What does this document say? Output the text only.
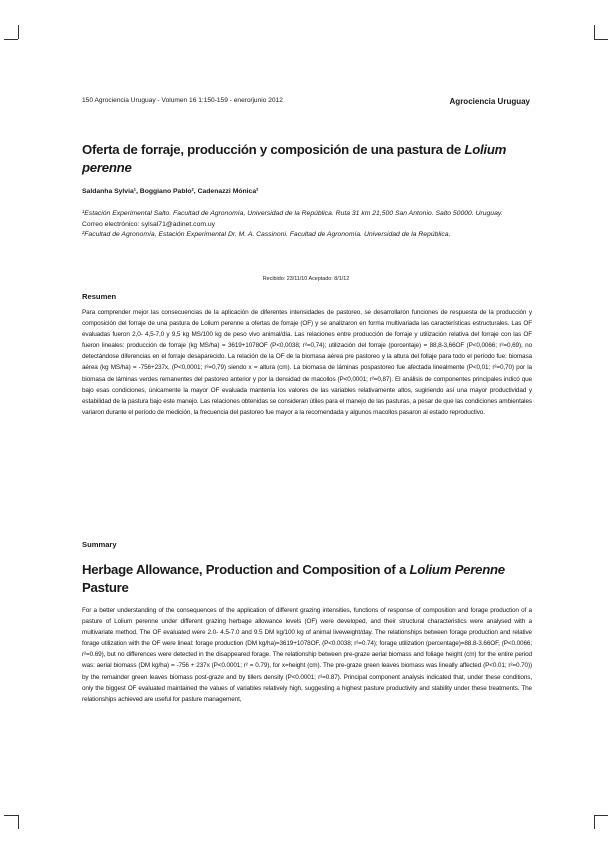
150 Agrociencia Uruguay - Volumen 16 1:150-159 - enero/junio 2012	Agrociencia Uruguay
Oferta de forraje, producción y composición de una pastura de Lolium perenne
Saldanha Sylvia¹, Boggiano Pablo², Cadenazzi Mónica²
¹Estación Experimental Salto. Facultad de Agronomía, Universidad de la República. Ruta 31 km 21,500 San Antonio. Salto 50000. Uruguay.
Correo electrónico: sylsal71@adinet.com.uy
²Facultad de Agronomía, Estación Experimental Dr. M. A. Cassinoni. Facultad de Agronomía. Universidad de la República.
Recibido: 23/11/10 Aceptado: 8/1/12
Resumen

Para comprender mejor las consecuencias de la aplicación de diferentes intensidades de pastoreo, se desarrollaron funciones de respuesta de la producción y composición del forraje de una pastura de Lolium perenne a ofertas de forraje (OF) y se analizaron en forma multivariada las características estructurales. Las OF evaluadas fueron 2,0- 4,5-7,0 y 9,5 kg MS/100 kg de peso vivo animal/día. Las relaciones entre producción de forraje y utilización relativa del forraje con las OF fueron lineales: producción de forraje (kg MS/ha) = 3619+1078OF (P<0,0038; r²=0,74); utilización del forraje (porcentaje) = 88,8-3,66OF (P<0,0066; r²=0,69), no detectándose diferencias en el forraje desaparecido. La relación de la OF de la biomasa aérea pre pastoreo y la altura del follaje para todo el período fue: biomasa aérea (kg MS/ha) = -756+237x, (P<0,0001; r²=0,79) siendo x = altura (cm). La biomasa de láminas pospastoreo fue afectada linealmente (P<0,01; r²=0,70) por la biomasa de láminas verdes remanentes del pastoreo anterior y por la densidad de macollos (P<0,0001; r²=0,87). El análisis de componentes principales indicó que bajo esas condiciones, únicamente la mayor OF evaluada mantenía los valores de las variables relativamente altos, sugiriendo así una mayor productividad y estabilidad de la pastura bajo este manejo. Las relaciones obtenidas se consideran útiles para el manejo de las pasturas, a pesar de que las condiciones ambientales variaron durante el período de medición, la frecuencia del pastoreo fue mayor a la recomendada y algunos macollos pasaron al estado reproductivo.

Summary
Herbage Allowance, Production and Composition of a Lolium Perenne Pasture

For a better understanding of the consequences of the application of different grazing intensities, functions of response of composition and forage production of a pasture of Lolium perenne under different grazing herbage allowance levels (OF) were developed, and their structural characteristics were analysed with a multivariate method. The OF evaluated were 2.0- 4.5-7.0 and 9.5 DM kg/100 kg of animal liveweight/day. The relationships between forage production and relative forage utilization with the OF were lineal: forage production (DM kg/ha)=3619+1078OF, (P<0.0038; r²=0.74); forage utilization (percentage)=88.8-3.66OF, (P<0.0066; r²=0.69), but no differences were detected in the disappeared forage. The relationship between pre-graze aerial biomass and foliage height (cm) for the entire period was: aerial biomass (DM kg/ha) = -756 + 237x (P<0.0001; r² = 0.79), for x=height (cm). The pre-graze green leaves biomass was lineally affected (P<0.01; r²=0.70)) by the remainder green leaves biomass post-graze and by tillers density (P<0.0001; r²=0.87). Principal component analysis indicated that, under these conditions, only the biggest OF evaluated maintained the values of variables relatively high, suggesting a highest pasture productivity and stability under these treatments. The relationships achieved are useful for pasture management,
